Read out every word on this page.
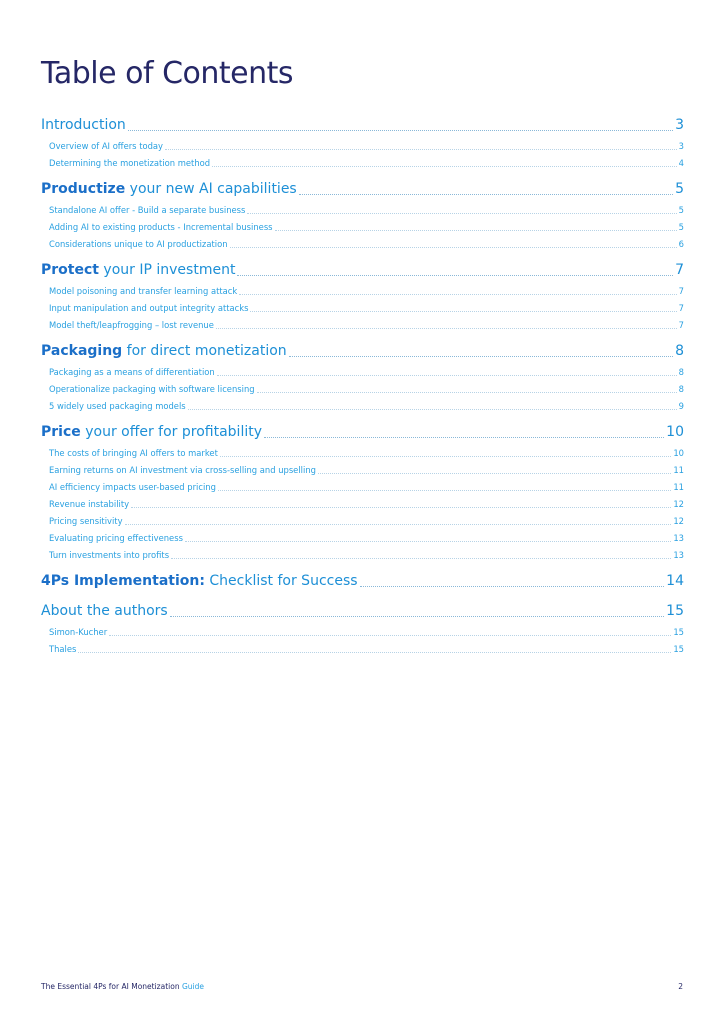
Table of Contents
Introduction	3
Overview of AI offers today	3
Determining the monetization method	4
Productize your new AI capabilities	5
Standalone AI offer - Build a separate business	5
Adding AI to existing products - Incremental business	5
Considerations unique to AI productization	6
Protect your IP investment	7
Model poisoning and transfer learning attack	7
Input manipulation and output integrity attacks	7
Model theft/leapfrogging – lost revenue	7
Packaging for direct monetization	8
Packaging as a means of differentiation	8
Operationalize packaging with software licensing	8
5 widely used packaging models	9
Price your offer for profitability	10
The costs of bringing AI offers to market	10
Earning returns on AI investment via cross-selling and upselling	11
AI efficiency impacts user-based pricing	11
Revenue instability	12
Pricing sensitivity	12
Evaluating pricing effectiveness	13
Turn investments into profits	13
4Ps Implementation: Checklist for Success	14
About the authors	15
Simon-Kucher	15
Thales	15
The Essential 4Ps for AI Monetization Guide	2
